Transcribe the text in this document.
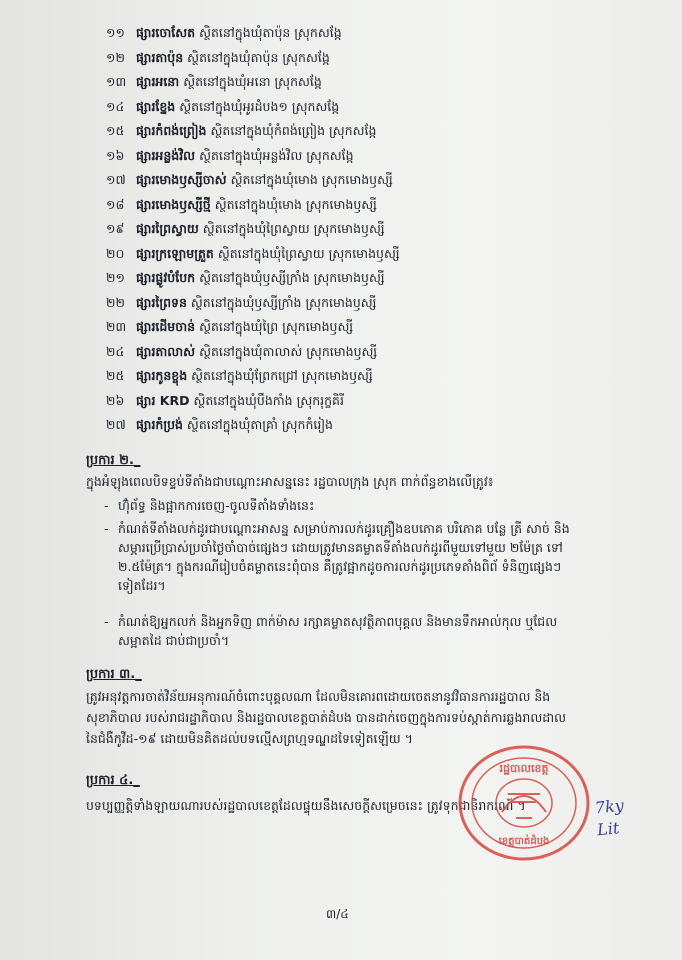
១១ ផ្សារចោសែត ស្ថិតនៅក្នុងឃុំតាប៉ុន ស្រុកសង្កែ
១២ ផ្សារតាប៉ុន ស្ថិតនៅក្នុងឃុំតាប៉ុន ស្រុកសង្កែ
១៣ ផ្សារអនោ ស្ថិតនៅក្នុងឃុំអនោ ស្រុកសង្កែ
១៤ ផ្សារខ្នែង ស្ថិតនៅក្នុងឃុំអូរដំបង១ ស្រុកសង្កែ
១៥ ផ្សារកំពង់ព្រៀង ស្ថិតនៅក្នុងឃុំកំពង់ព្រៀង ស្រុកសង្កែ
១៦ ផ្សារអន្លង់វិល ស្ថិតនៅក្នុងឃុំអន្លង់វិល ស្រុកសង្កែ
១៧ ផ្សារមោងឫស្សីចាស់ ស្ថិតនៅក្នុងឃុំមោង ស្រុកមោងឫស្សី
១៨ ផ្សារមោងឫស្សីថ្មី ស្ថិតនៅក្នុងឃុំមោង ស្រុកមោងឫស្សី
១៩ ផ្សារព្រៃស្វាយ ស្ថិតនៅក្នុងឃុំព្រៃស្វាយ ស្រុកមោងឫស្សី
២០ ផ្សារក្រឡោមត្រួត ស្ថិតនៅក្នុងឃុំព្រៃស្វាយ ស្រុកមោងឫស្សី
២១ ផ្សារផ្លូវបំបែក ស្ថិតនៅក្នុងឃុំឫស្សីក្រាំង ស្រុកមោងឫស្សី
២២ ផ្សារព្រៃទន ស្ថិតនៅក្នុងឃុំឫស្សីក្រាំង ស្រុកមោងឫស្សី
២៣ ផ្សារដើមចាន់ ស្ថិតនៅក្នុងឃុំព្រៃ ស្រុកមោងឫស្សី
២៤ ផ្សារតាលាស់ ស្ថិតនៅក្នុងឃុំតាលាស់ ស្រុកមោងឫស្សី
២៥ ផ្សារកូនខ្ចុង ស្ថិតនៅក្នុងឃុំព្រែកជ្រៅ ស្រុកមោងឫស្សី
២៦ ផ្សារ KRD ស្ថិតនៅក្នុងឃុំបឹងកាំង ស្រុករុក្ខគិរី
២៧ ផ្សារកំប្រង់ ស្ថិតនៅក្នុងឃុំតាគ្រាំ ស្រុកកំរៀង
ប្រការ ២._
ក្នុងអំឡុងពេលបិទខ្ទប់ទីតាំងជាបណ្ដោះអាសន្ននេះ រដ្ឋបាលក្រុង ស្រុក ពាក់ព័ន្ធខាងលើត្រូវ៖
- ហ៊ុំព័ទ្ធ និងផ្អាកការចេញ-ចូលទីតាំងទាំងនេះ
- កំណត់ទីតាំងលក់ដូរជាបណ្ដោះអាសន្ន សម្រាប់ការលក់ដូរគ្រឿងឧបភោគ បរិភោគ បន្លែ ត្រី សាច់ និង
សម្ភារប្រើប្រាស់ប្រចាំថ្ងៃចាំបាច់ផ្សេងៗ ដោយត្រូវមានគម្លាតទីតាំងលក់ដូរពីមួយទៅមួយ ២ម៉ែត្រ ទៅ
២.៥ម៉ែត្រ។ ក្នុងករណីរៀបចំគម្លាតនេះពុំបាន គឺត្រូវផ្អាកដូចការលក់ដូរប្រភេទតាំងពិព័ ទំនិញផ្សេងៗ
ទៀតដែរ។
- កំណត់ឱ្យអ្នកលក់ និងអ្នកទិញ ពាក់ម៉ាស រក្សាគម្លាតសុវត្ថិភាពបុគ្គល និងមានទឹកអាល់កុល ឬជែល
សម្អាតដៃ ជាប់ជាប្រចាំ។
ប្រការ ៣._
ត្រូវអនុវត្តការចាត់វិន័យអនុការណ៍ចំពោះបុគ្គលណា ដែលមិនគោរពដោយចេតនានូវវិធានការរដ្ឋបាល និង
សុខាភិបាល របស់រាជរដ្ឋាភិបាល និងរដ្ឋបាលខេត្តបាត់ដំបង បានដាក់ចេញក្នុងការទប់ស្កាត់ការឆ្លងរាលដាល
នៃជំងឺកូវីដ-១៩ ដោយមិនគិតដល់បទល្មើសព្រហ្មទណ្ឌដទៃទៀតឡើយ ។
ប្រការ ៤._
បទប្បញ្ញត្តិទាំងឡាយណារបស់រដ្ឋបាលខេត្តដែលផ្ទុយនឹងសេចក្តីសម្រេចនេះ ត្រូវទុកជានិរាករណ៍ ។
រដ្ឋបាលខេត្ត
ខេត្តបាត់ដំបង
7ky
Lit
៣/៤
